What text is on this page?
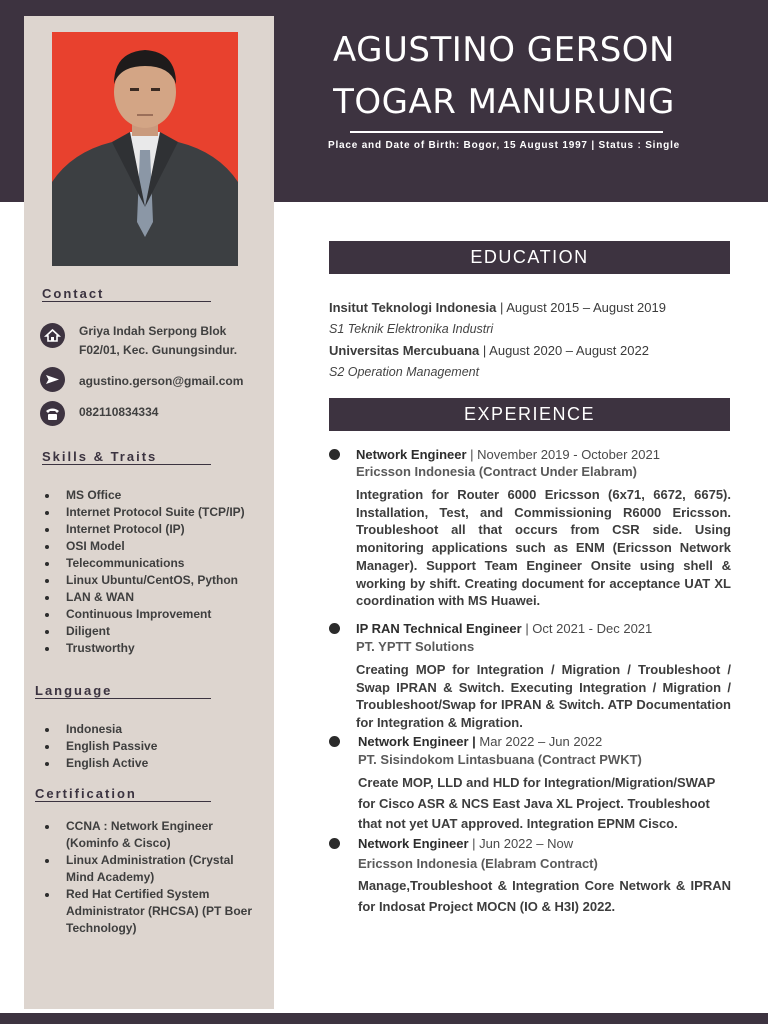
AGUSTINO GERSON
TOGAR MANURUNG
Place and Date of Birth: Bogor, 15 August 1997 | Status : Single
Contact
Griya Indah Serpong Blok
F02/01, Kec. Gunungsindur.
agustino.gerson@gmail.com
082110834334
Skills & Traits
MS Office
Internet Protocol Suite (TCP/IP)
Internet Protocol (IP)
OSI Model
Telecommunications
Linux Ubuntu/CentOS, Python
LAN & WAN
Continuous Improvement
Diligent
Trustworthy
Language
Indonesia
English Passive
English Active
Certification
CCNA : Network Engineer (Kominfo & Cisco)
Linux Administration (Crystal Mind Academy)
Red Hat Certified System Administrator (RHCSA) (PT Boer Technology)
EDUCATION
Insitut Teknologi Indonesia | August 2015 – August 2019
S1 Teknik Elektronika Industri
Universitas Mercubuana | August 2020 – August 2022
S2 Operation Management
EXPERIENCE
Network Engineer | November 2019 - October 2021
Ericsson Indonesia (Contract Under Elabram)
Integration for Router 6000 Ericsson (6x71, 6672, 6675). Installation, Test, and Commissioning R6000 Ericsson. Troubleshoot all that occurs from CSR side. Using monitoring applications such as ENM (Ericsson Network Manager). Support Team Engineer Onsite using shell & working by shift. Creating document for acceptance UAT XL coordination with MS Huawei.
IP RAN Technical Engineer | Oct 2021 - Dec 2021
PT. YPTT Solutions
Creating MOP for Integration / Migration / Troubleshoot / Swap IPRAN & Switch. Executing Integration / Migration / Troubleshoot/Swap for IPRAN & Switch. ATP Documentation for Integration & Migration.
Network Engineer | Mar 2022 – Jun 2022
PT. Sisindokom Lintasbuana (Contract PWKT)
Create MOP, LLD and HLD for Integration/Migration/SWAP for Cisco ASR & NCS East Java XL Project. Troubleshoot that not yet UAT approved. Integration EPNM Cisco.
Network Engineer | Jun 2022 – Now
Ericsson Indonesia (Elabram Contract)
Manage,Troubleshoot & Integration Core Network & IPRAN for Indosat Project MOCN (IO & H3I) 2022.
